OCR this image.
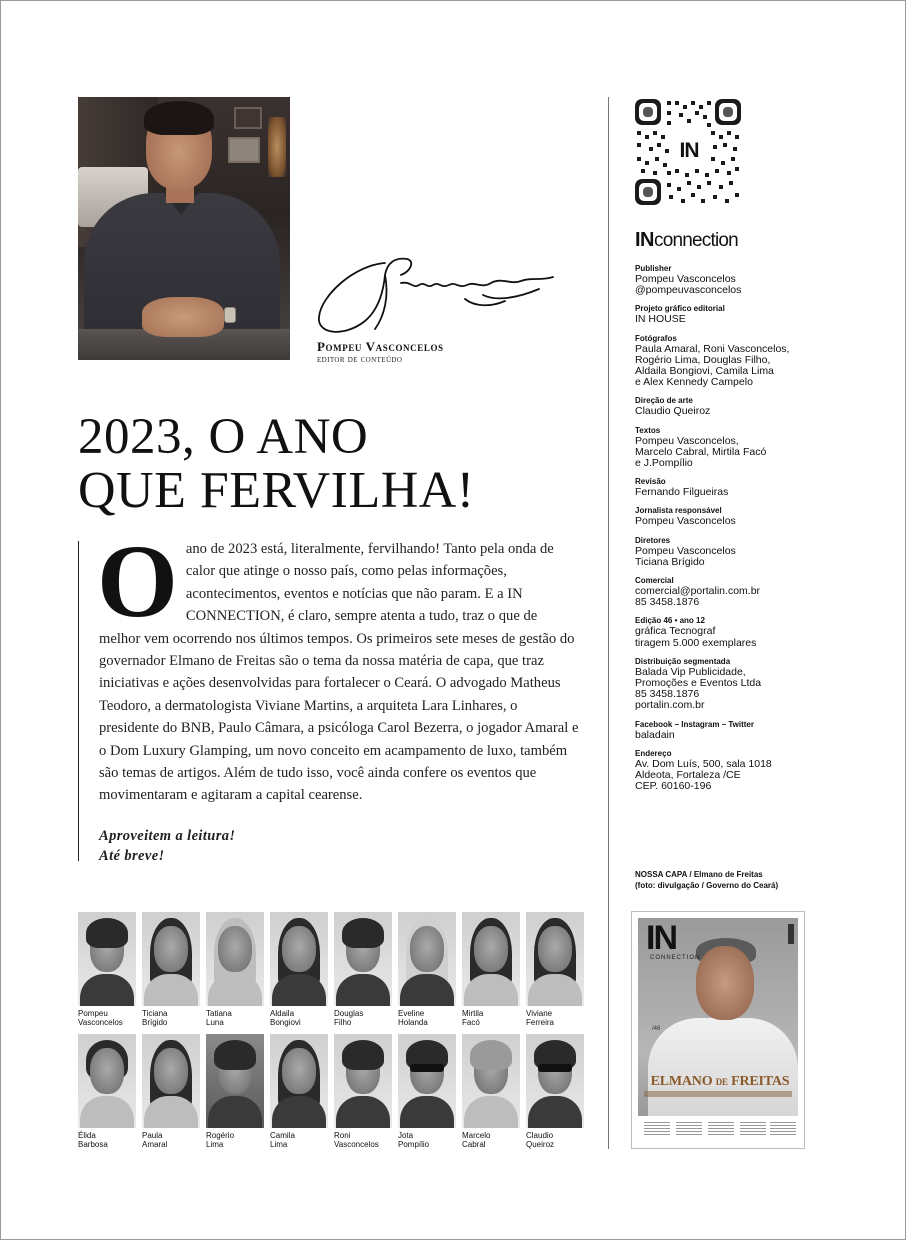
Pompeu Vasconcelos
editor de conteúdo
2023, O ANO
QUE FERVILHA!
O ano de 2023 está, literalmente, fervilhando! Tanto pela onda de calor que atinge o nosso país, como pelas informações, acontecimentos, eventos e notícias que não param. E a IN CONNECTION, é claro, sempre atenta a tudo, traz o que de melhor vem ocorrendo nos últimos tempos. Os primeiros sete meses de gestão do governador Elmano de Freitas são o tema da nossa matéria de capa, que traz iniciativas e ações desenvolvidas para fortalecer o Ceará. O advogado Matheus Teodoro, a dermatologista Viviane Martins, a arquiteta Lara Linhares, o presidente do BNB, Paulo Câmara, a psicóloga Carol Bezerra, o jogador Amaral e o Dom Luxury Glamping, um novo conceito em acampamento de luxo, também são temas de artigos. Além de tudo isso, você ainda confere os eventos que movimentaram e agitaram a capital cearense.
Aproveitem a leitura!
Até breve!
Pompeu
Vasconcelos
Ticiana
Brígido
Tatiana
Luna
Aldaila
Bongiovi
Douglas
Filho
Eveline
Holanda
Mirtila
Facó
Viviane
Ferreira
Élida
Barbosa
Paula
Amaral
Rogério
Lima
Camila
Lima
Roni
Vasconcelos
Jota
Pompílio
Marcelo
Cabral
Claudio
Queiroz
IN
INconnection
Publisher
Pompeu Vasconcelos
@pompeuvasconcelos
Projeto gráfico editorial
IN HOUSE
Fotógrafos
Paula Amaral, Roni Vasconcelos,
Rogério Lima, Douglas Filho,
Aldaila Bongiovi, Camila Lima
e Alex Kennedy Campelo
Direção de arte
Claudio Queiroz
Textos
Pompeu Vasconcelos,
Marcelo Cabral, Mirtila Facó
e J.Pompílio
Revisão
Fernando Filgueiras
Jornalista responsável
Pompeu Vasconcelos
Diretores
Pompeu Vasconcelos
Ticiana Brígido
Comercial
comercial@portalin.com.br
85 3458.1876
Edição 46 • ano 12
gráfica Tecnograf
tiragem 5.000 exemplares
Distribuição segmentada
Balada Vip Publicidade,
Promoções e Eventos Ltda
85 3458.1876
portalin.com.br
Facebook – Instagram – Twitter
baladain
Endereço
Av. Dom Luís, 500, sala 1018
Aldeota, Fortaleza /CE
CEP. 60160-196
NOSSA CAPA / Elmano de Freitas
(foto: divulgação / Governo do Ceará)
IN
CONNECTION
/46
ELMANO DE FREITAS
